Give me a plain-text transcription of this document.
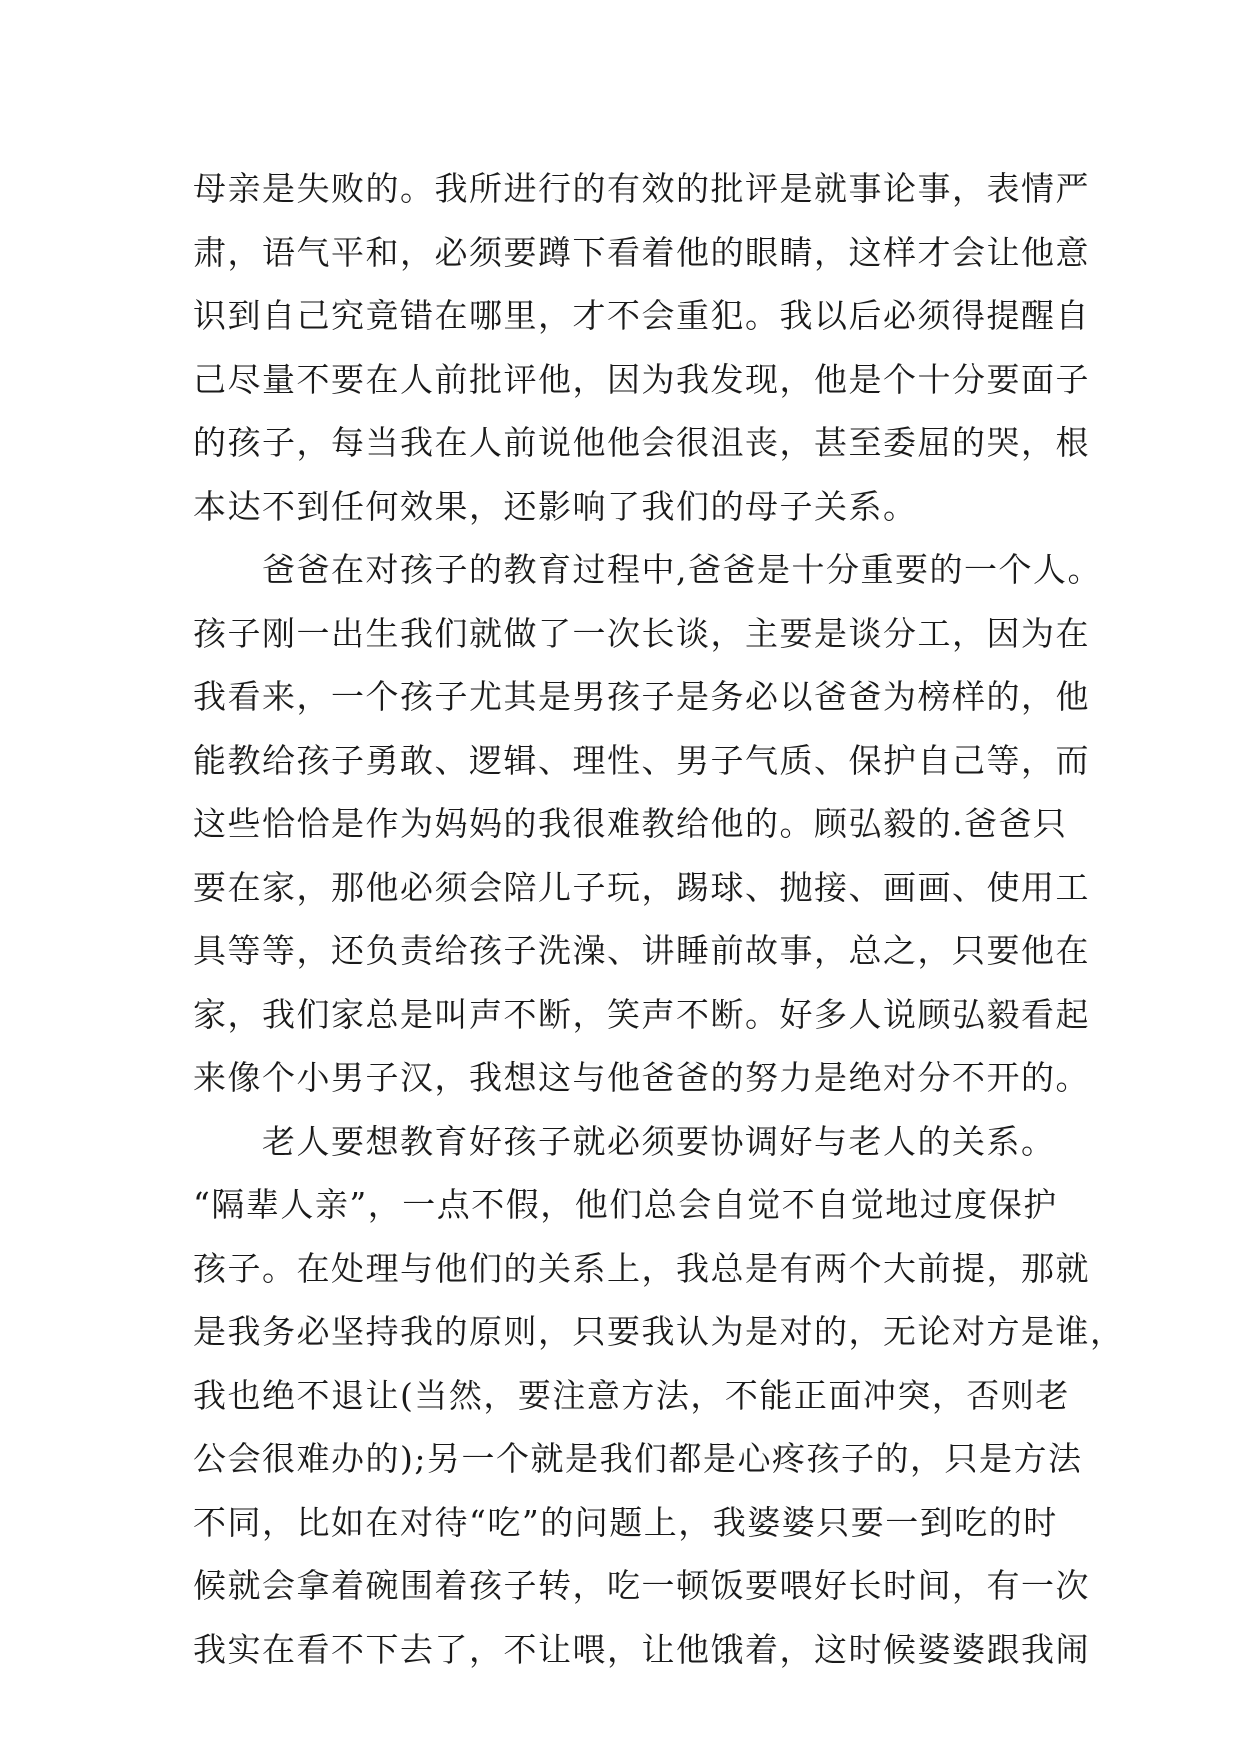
母亲是失败的。我所进行的有效的批评是就事论事，表情严
肃，语气平和，必须要蹲下看着他的眼睛，这样才会让他意
识到自己究竟错在哪里，才不会重犯。我以后必须得提醒自
己尽量不要在人前批评他，因为我发现，他是个十分要面子
的孩子，每当我在人前说他他会很沮丧，甚至委屈的哭，根
本达不到任何效果，还影响了我们的母子关系。
　　爸爸在对孩子的教育过程中,爸爸是十分重要的一个人。
孩子刚一出生我们就做了一次长谈，主要是谈分工，因为在
我看来，一个孩子尤其是男孩子是务必以爸爸为榜样的，他
能教给孩子勇敢、逻辑、理性、男子气质、保护自己等，而
这些恰恰是作为妈妈的我很难教给他的。顾弘毅的.爸爸只
要在家，那他必须会陪儿子玩，踢球、抛接、画画、使用工
具等等，还负责给孩子洗澡、讲睡前故事，总之，只要他在
家，我们家总是叫声不断，笑声不断。好多人说顾弘毅看起
来像个小男子汉，我想这与他爸爸的努力是绝对分不开的。
　　老人要想教育好孩子就必须要协调好与老人的关系。
“隔辈人亲”，一点不假，他们总会自觉不自觉地过度保护
孩子。在处理与他们的关系上，我总是有两个大前提，那就
是我务必坚持我的原则，只要我认为是对的，无论对方是谁，
我也绝不退让(当然，要注意方法，不能正面冲突，否则老
公会很难办的);另一个就是我们都是心疼孩子的，只是方法
不同，比如在对待“吃”的问题上，我婆婆只要一到吃的时
候就会拿着碗围着孩子转，吃一顿饭要喂好长时间，有一次
我实在看不下去了，不让喂，让他饿着，这时候婆婆跟我闹
